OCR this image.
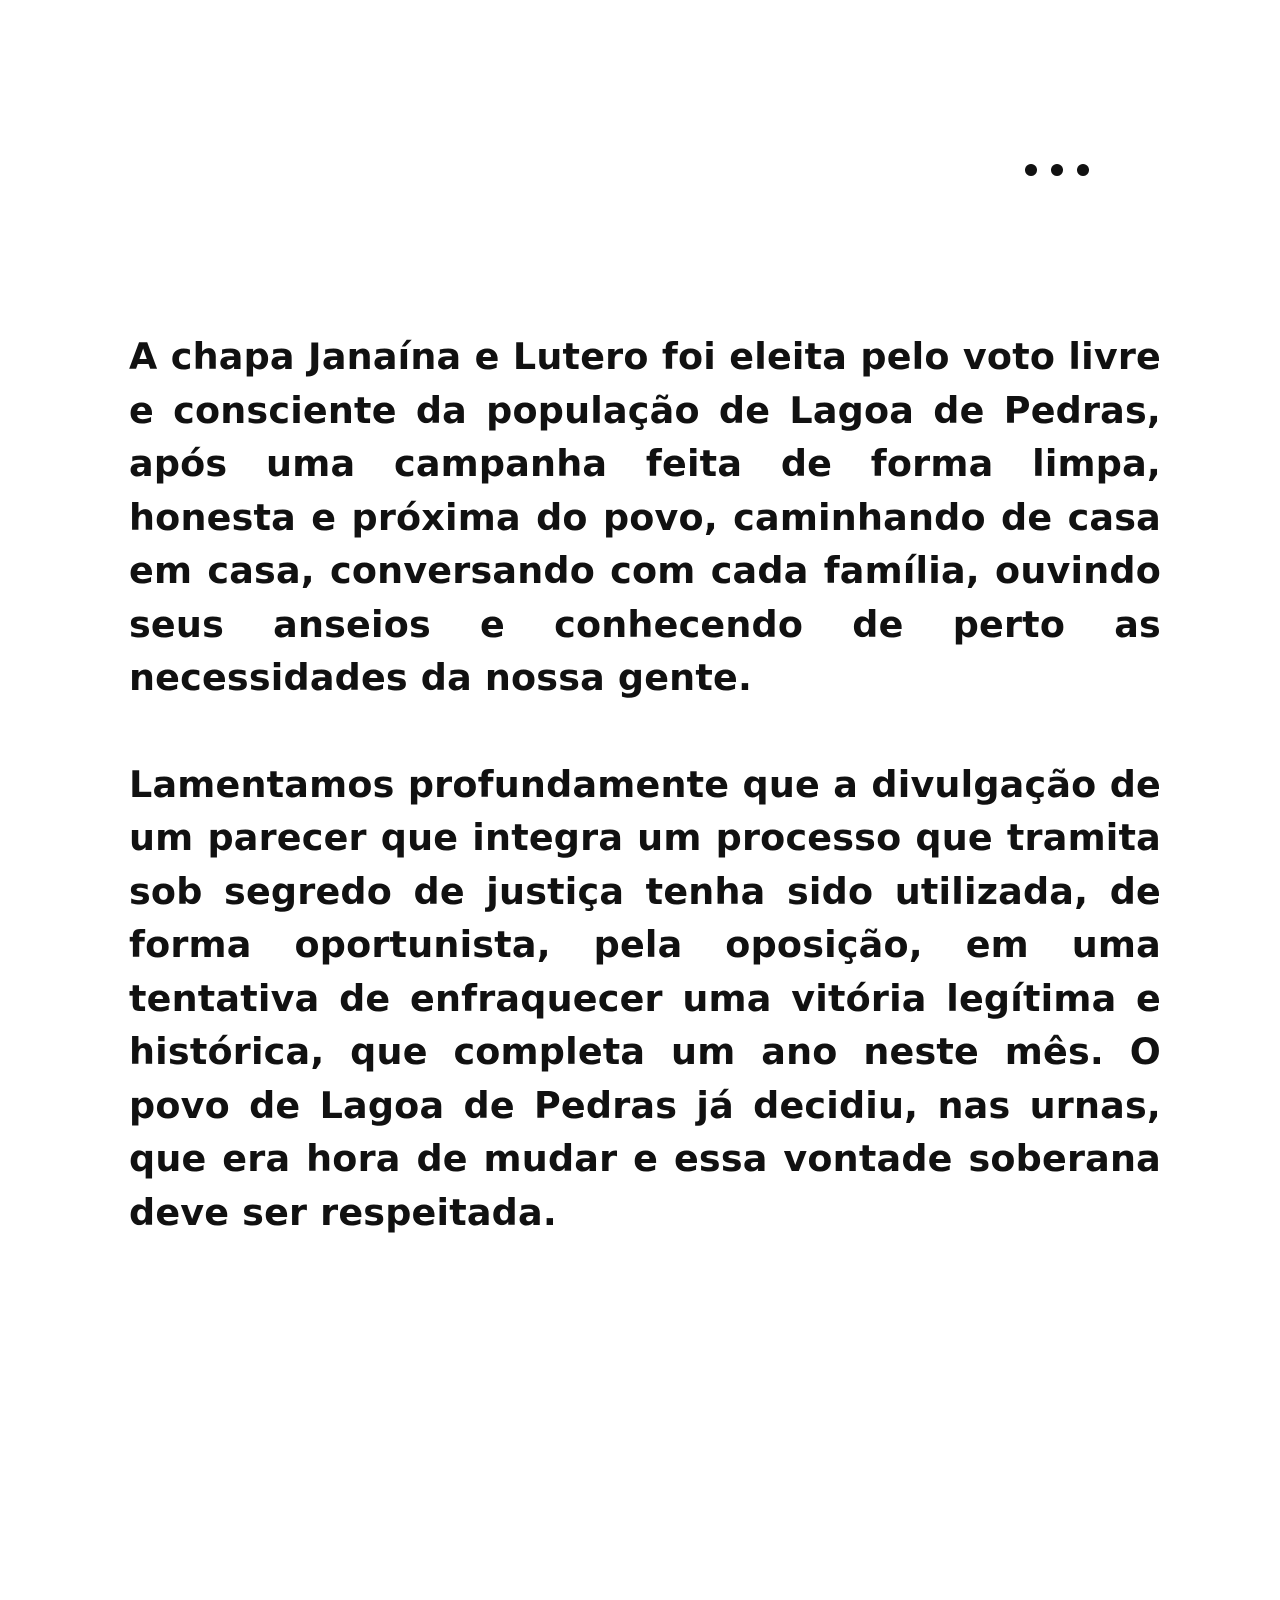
A chapa Janaína e Lutero foi eleita pelo voto livre e consciente da população de Lagoa de Pedras, após uma campanha feita de forma limpa, honesta e próxima do povo, caminhando de casa em casa, conversando com cada família, ouvindo seus anseios e conhecendo de perto as necessidades da nossa gente.

Lamentamos profundamente que a divulgação de um parecer que integra um processo que tramita sob segredo de justiça tenha sido utilizada, de forma oportunista, pela oposição, em uma tentativa de enfraquecer uma vitória legítima e histórica, que completa um ano neste mês. O povo de Lagoa de Pedras já decidiu, nas urnas, que era hora de mudar e essa vontade soberana deve ser respeitada.
